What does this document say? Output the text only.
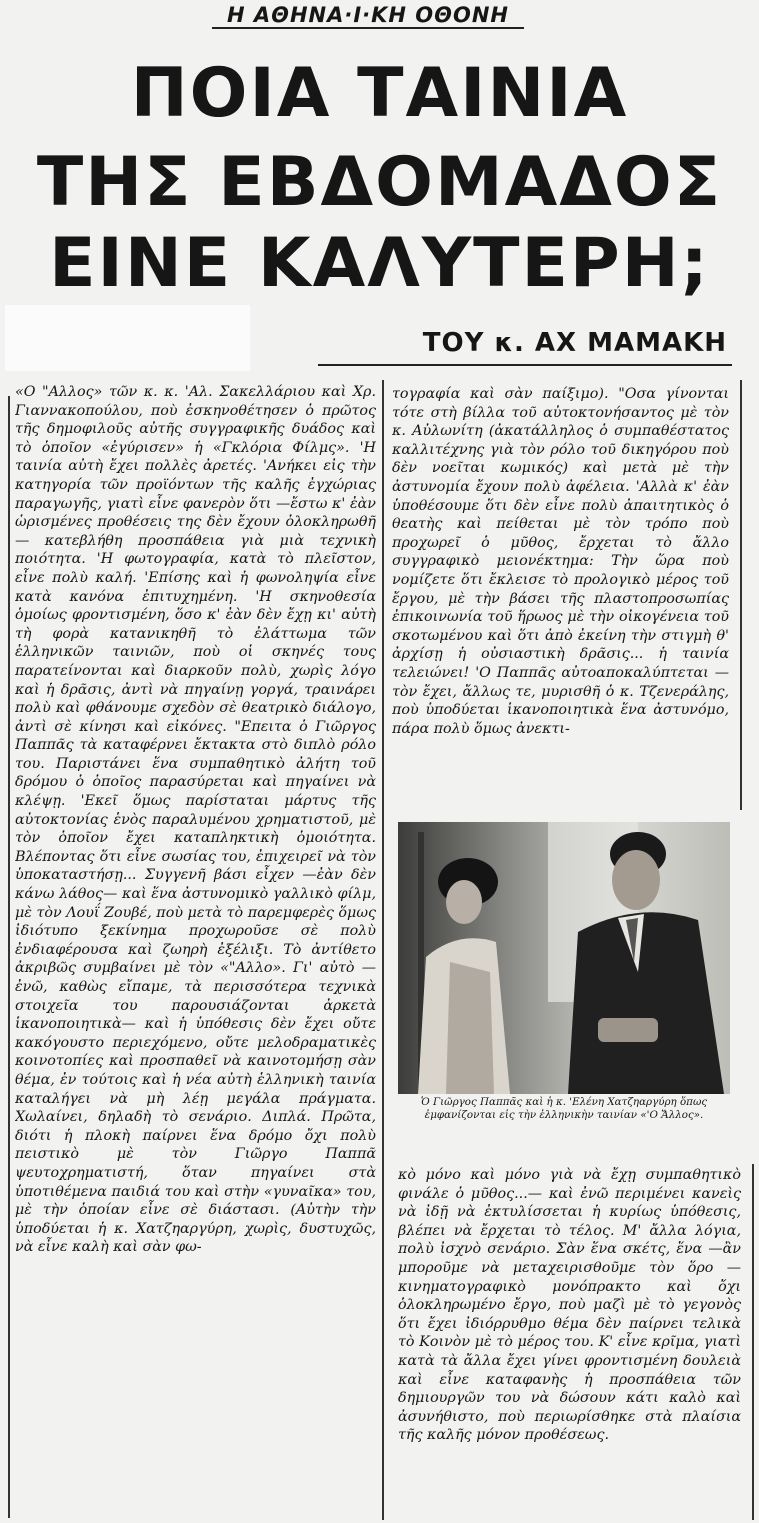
Η ΑΘΗΝΑ·Ι·ΚΗ ΟΘΟΝΗ
ΠΟΙΑ ΤΑΙΝΙΑ
ΤΗΣ ΕΒΔΟΜΑΔΟΣ
ΕΙΝΕ ΚΑΛΥΤΕΡΗ;
ΤΟΥ κ. ΑΧ ΜΑΜΑΚΗ

«Ο "Αλλος» τῶν κ. κ. 'Αλ. Σακελλάριου καὶ Χρ. Γιαννακοπούλου, ποὺ ἐσκηνοθέτησεν ὁ πρῶτος τῆς δημοφιλοῦς αὐτῆς συγγραφικῆς δυάδος καὶ τὸ ὁποῖον «ἐγύρισεν» ἡ «Γκλόρια Φίλμς». 'Η ταινία αὐτὴ ἔχει πολλὲς ἀρετές. 'Ανήκει εἰς τὴν κατηγορία τῶν προϊόντων τῆς καλῆς ἐγχώριας παραγωγῆς, γιατὶ εἶνε φανερὸν ὅτι —ἔστω κ' ἐὰν ὡρισμένες προθέσεις της δὲν ἔχουν ὁλοκληρωθῆ— κατεβλήθη προσπάθεια γιὰ μιὰ τεχνικὴ ποιότητα. 'Η φωτογραφία, κατὰ τὸ πλεῖστον, εἶνε πολὺ καλή. 'Επίσης καὶ ἡ φωνοληψία εἶνε κατὰ κανόνα ἐπιτυχημένη. 'Η σκηνοθεσία ὁμοίως φροντισμένη, ὅσο κ' ἐὰν δὲν ἔχῃ κι' αὐτὴ τὴ φορὰ κατανικηθῆ τὸ ἐλάττωμα τῶν ἑλληνικῶν ταινιῶν, ποὺ οἱ σκηνές τους παρατείνονται καὶ διαρκοῦν πολὺ, χωρὶς λόγο καὶ ἡ δρᾶσις, ἀντὶ νὰ πηγαίνῃ γοργά, τραινάρει πολὺ καὶ φθάνουμε σχεδὸν σὲ θεατρικὸ διάλογο, ἀντὶ σὲ κίνησι καὶ εἰκόνες. "Επειτα ὁ Γιῶργος Παππᾶς τὰ καταφέρνει ἔκτακτα στὸ διπλὸ ρόλο του. Παριστάνει ἕνα συμπαθητικὸ ἀλήτη τοῦ δρόμου ὁ ὁποῖος παρασύρεται καὶ πηγαίνει νὰ κλέψῃ. 'Εκεῖ ὅμως παρίσταται μάρτυς τῆς αὐτοκτονίας ἑνὸς παραλυμένου χρηματιστοῦ, μὲ τὸν ὁποῖον ἔχει καταπληκτικὴ ὁμοιότητα. Βλέποντας ὅτι εἶνε σωσίας του, ἐπιχειρεῖ νὰ τὸν ὑποκαταστήσῃ... Συγγενῆ βάσι εἶχεν —ἐὰν δὲν κάνω λάθος— καὶ ἕνα ἀστυνομικὸ γαλλικὸ φίλμ, μὲ τὸν Λουΐ Ζουβέ, ποὺ μετὰ τὸ παρεμφερὲς ὅμως ἰδιότυπο ξεκίνημα προχωροῦσε σὲ πολὺ ἐνδιαφέρουσα καὶ ζωηρὴ ἐξέλιξι. Τὸ ἀντίθετο ἀκριβῶς συμβαίνει μὲ τὸν «"Αλλο». Γι' αὐτὸ —ἐνῶ, καθὼς εἴπαμε, τὰ περισσότερα τεχνικὰ στοιχεῖα του παρουσιάζονται ἀρκετὰ ἱκανοποιητικὰ— καὶ ἡ ὑπόθεσις δὲν ἔχει οὔτε κακόγουστο περιεχόμενο, οὔτε μελοδραματικὲς κοινοτοπίες καὶ προσπαθεῖ νὰ καινοτομήσῃ σὰν θέμα, ἐν τούτοις καὶ ἡ νέα αὐτὴ ἑλληνικὴ ταινία καταλήγει νὰ μὴ λέῃ μεγάλα πράγματα. Χωλαίνει, δηλαδὴ τὸ σενάριο. Διπλά. Πρῶτα, διότι ἡ πλοκὴ παίρνει ἕνα δρόμο ὄχι πολὺ πειστικὸ μὲ τὸν Γιῶργο Παππᾶ ψευτοχρηματιστή, ὅταν πηγαίνει στὰ ὑποτιθέμενα παιδιά του καὶ στὴν «γυναῖκα» του, μὲ τὴν ὁποίαν εἶνε σὲ διάστασι. (Αὐτὴν τὴν ὑποδύεται ἡ κ. Χατζηαργύρη, χωρὶς, δυστυχῶς, νὰ εἶνε καλὴ καὶ σὰν φω-

τογραφία καὶ σὰν παίξιμο). "Οσα γίνονται τότε στὴ βίλλα τοῦ αὐτοκτονήσαντος μὲ τὸν κ. Αὐλωνίτη (ἀκατάλληλος ὁ συμπαθέστατος καλλιτέχνης γιὰ τὸν ρόλο τοῦ δικηγόρου ποὺ δὲν νοεῖται κωμικός) καὶ μετὰ μὲ τὴν ἀστυνομία ἔχουν πολὺ ἀφέλεια. 'Αλλὰ κ' ἐὰν ὑποθέσουμε ὅτι δὲν εἶνε πολὺ ἀπαιτητικὸς ὁ θεατὴς καὶ πείθεται μὲ τὸν τρόπο ποὺ προχωρεῖ ὁ μῦθος, ἔρχεται τὸ ἄλλο συγγραφικὸ μειονέκτημα: Τὴν ὥρα ποὺ νομίζετε ὅτι ἔκλεισε τὸ προλογικὸ μέρος τοῦ ἔργου, μὲ τὴν βάσει τῆς πλαστοπροσωπίας ἐπικοινωνία τοῦ ἥρωος μὲ τὴν οἰκογένεια τοῦ σκοτωμένου καὶ ὅτι ἀπὸ ἐκείνη τὴν στιγμὴ θ' ἀρχίσῃ ἡ οὐσιαστικὴ δρᾶσις... ἡ ταινία τελειώνει! 'Ο Παππᾶς αὐτοαποκαλύπτεται —τὸν ἔχει, ἄλλως τε, μυρισθῆ ὁ κ. Τζενεράλης, ποὺ ὑποδύεται ἱκανοποιητικὰ ἕνα ἀστυνόμο, πάρα πολὺ ὅμως ἀνεκτι-

Ὁ Γιῶργος Παππᾶς καὶ ἡ κ. 'Ελένη Χατζηαργύρη ὅπως ἐμφανίζονται εἰς τὴν ἑλληνικὴν ταινίαν «'Ο Ἄλλος».

κὸ μόνο καὶ μόνο γιὰ νὰ ἔχῃ συμπαθητικὸ φινάλε ὁ μῦθος...— καὶ ἐνῶ περιμένει κανεὶς νὰ ἰδῇ νὰ ἐκτυλίσσεται ἡ κυρίως ὑπόθεσις, βλέπει νὰ ἔρχεται τὸ τέλος. Μ' ἄλλα λόγια, πολὺ ἰσχνὸ σενάριο. Σὰν ἕνα σκέτς, ἕνα —ἂν μποροῦμε νὰ μεταχειρισθοῦμε τὸν ὅρο — κινηματογραφικὸ μονόπρακτο καὶ ὄχι ὁλοκληρωμένο ἔργο, ποὺ μαζὶ μὲ τὸ γεγονὸς ὅτι ἔχει ἰδιόρρυθμο θέμα δὲν παίρνει τελικὰ τὸ Κοινὸν μὲ τὸ μέρος του. Κ' εἶνε κρῖμα, γιατὶ κατὰ τὰ ἄλλα ἔχει γίνει φροντισμένη δουλειὰ καὶ εἶνε καταφανὴς ἡ προσπάθεια τῶν δημιουργῶν του νὰ δώσουν κάτι καλὸ καὶ ἀσυνήθιστο, ποὺ περιωρίσθηκε στὰ πλαίσια τῆς καλῆς μόνον προθέσεως.
